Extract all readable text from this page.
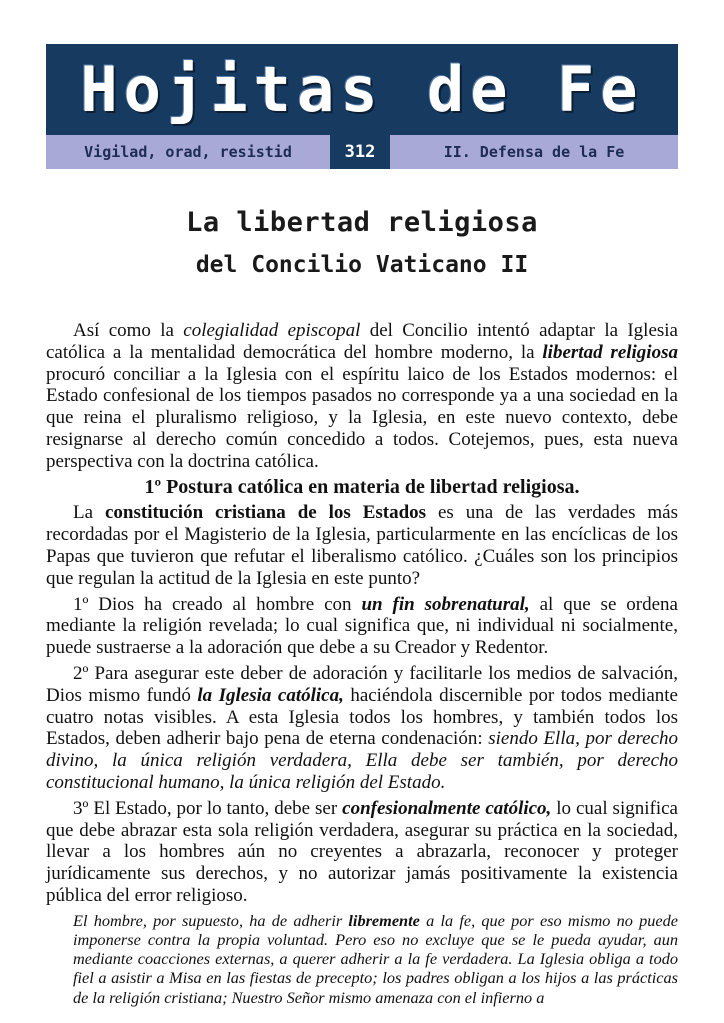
Hojitas de Fe
Vigilad, orad, resistid	312	II. Defensa de la Fe
La libertad religiosa
del Concilio Vaticano II

Así como la colegialidad episcopal del Concilio intentó adaptar la Iglesia católica a la mentalidad democrática del hombre moderno, la libertad religiosa procuró conciliar a la Iglesia con el espíritu laico de los Estados modernos: el Estado confesional de los tiempos pasados no corresponde ya a una sociedad en la que reina el pluralismo religioso, y la Iglesia, en este nuevo contexto, debe resignarse al derecho común concedido a todos. Cotejemos, pues, esta nueva perspectiva con la doctrina católica.

1º Postura católica en materia de libertad religiosa.

La constitución cristiana de los Estados es una de las verdades más recordadas por el Magisterio de la Iglesia, particularmente en las encíclicas de los Papas que tuvieron que refutar el liberalismo católico. ¿Cuáles son los principios que regulan la actitud de la Iglesia en este punto?

1º Dios ha creado al hombre con un fin sobrenatural, al que se ordena mediante la religión revelada; lo cual significa que, ni individual ni socialmente, puede sustraerse a la adoración que debe a su Creador y Redentor.

2º Para asegurar este deber de adoración y facilitarle los medios de salvación, Dios mismo fundó la Iglesia católica, haciéndola discernible por todos mediante cuatro notas visibles. A esta Iglesia todos los hombres, y también todos los Estados, deben adherir bajo pena de eterna condenación: siendo Ella, por derecho divino, la única religión verdadera, Ella debe ser también, por derecho constitucional humano, la única religión del Estado.

3º El Estado, por lo tanto, debe ser confesionalmente católico, lo cual significa que debe abrazar esta sola religión verdadera, asegurar su práctica en la sociedad, llevar a los hombres aún no creyentes a abrazarla, reconocer y proteger jurídicamente sus derechos, y no autorizar jamás positivamente la existencia pública del error religioso.

El hombre, por supuesto, ha de adherir libremente a la fe, que por eso mismo no puede imponerse contra la propia voluntad. Pero eso no excluye que se le pueda ayudar, aun mediante coacciones externas, a querer adherir a la fe verdadera. La Iglesia obliga a todo fiel a asistir a Misa en las fiestas de precepto; los padres obligan a los hijos a las prácticas de la religión cristiana; Nuestro Señor mismo amenaza con el infierno a
